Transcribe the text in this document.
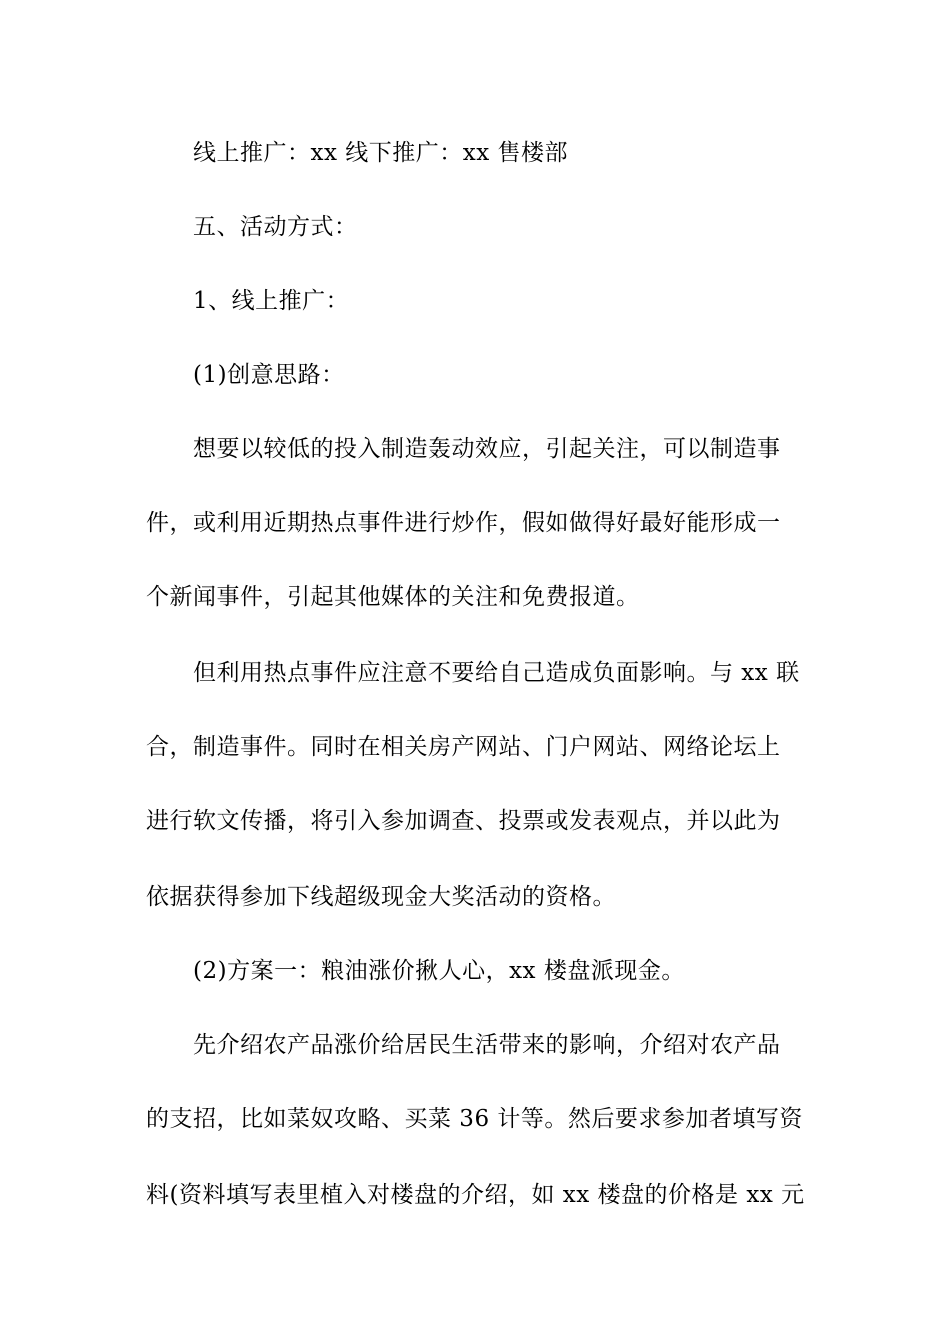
线上推广：xx 线下推广：xx 售楼部
五、活动方式：
1、线上推广：
(1)创意思路：
想要以较低的投入制造轰动效应，引起关注，可以制造事
件，或利用近期热点事件进行炒作，假如做得好最好能形成一
个新闻事件，引起其他媒体的关注和免费报道。
但利用热点事件应注意不要给自己造成负面影响。与 xx 联
合，制造事件。同时在相关房产网站、门户网站、网络论坛上
进行软文传播，将引入参加调查、投票或发表观点，并以此为
依据获得参加下线超级现金大奖活动的资格。
(2)方案一：粮油涨价揪人心，xx 楼盘派现金。
先介绍农产品涨价给居民生活带来的影响，介绍对农产品
的支招，比如菜奴攻略、买菜 36 计等。然后要求参加者填写资
料(资料填写表里植入对楼盘的介绍，如 xx 楼盘的价格是 xx 元
